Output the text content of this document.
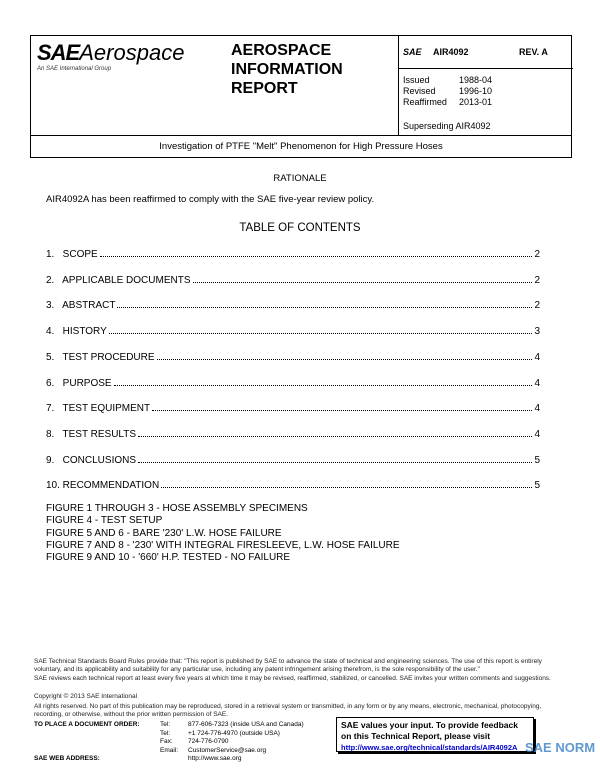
SAEAerospace
An SAE International Group
AEROSPACE
INFORMATION
REPORT
SAE AIR4092	REV. A
Issued	1988-04
Revised	1996-10
Reaffirmed 2013-01
Superseding AIR4092
Investigation of PTFE "Melt" Phenomenon for High Pressure Hoses
RATIONALE
AIR4092A has been reaffirmed to comply with the SAE five-year review policy.
TABLE OF CONTENTS
1.   SCOPE	2
2.   APPLICABLE DOCUMENTS	2
3.   ABSTRACT	2
4.   HISTORY	3
5.   TEST PROCEDURE	4
6.   PURPOSE	4
7.   TEST EQUIPMENT	4
8.   TEST RESULTS	4
9.   CONCLUSIONS	5
10. RECOMMENDATION	5
FIGURE 1 THROUGH 3 - HOSE ASSEMBLY SPECIMENS
FIGURE 4 - TEST SETUP
FIGURE 5 AND 6 - BARE '230' L.W. HOSE FAILURE
FIGURE 7 AND 8 - '230' WITH INTEGRAL FIRESLEEVE, L.W. HOSE FAILURE
FIGURE 9 AND 10 - '660' H.P. TESTED - NO FAILURE
SAE Technical Standards Board Rules provide that: "This report is published by SAE to advance the state of technical and engineering sciences. The use of this report is entirely voluntary, and its applicability and suitability for any particular use, including any patent infringement arising therefrom, is the sole responsibility of the user."
SAE reviews each technical report at least every five years at which time it may be revised, reaffirmed, stabilized, or cancelled. SAE invites your written comments and suggestions.
Copyright © 2013 SAE International
All rights reserved. No part of this publication may be reproduced, stored in a retrieval system or transmitted, in any form or by any means, electronic, mechanical, photocopying, recording, or otherwise, without the prior written permission of SAE.
TO PLACE A DOCUMENT ORDER:
SAE WEB ADDRESS:
Tel:	877-606-7323 (inside USA and Canada)
Tel:	+1 724-776-4970 (outside USA)
Fax: 724-776-0790
Email: CustomerService@sae.org
http://www.sae.org
SAE values your input. To provide feedback
on this Technical Report, please visit
http://www.sae.org/technical/standards/AIR4092A SAE NORM
